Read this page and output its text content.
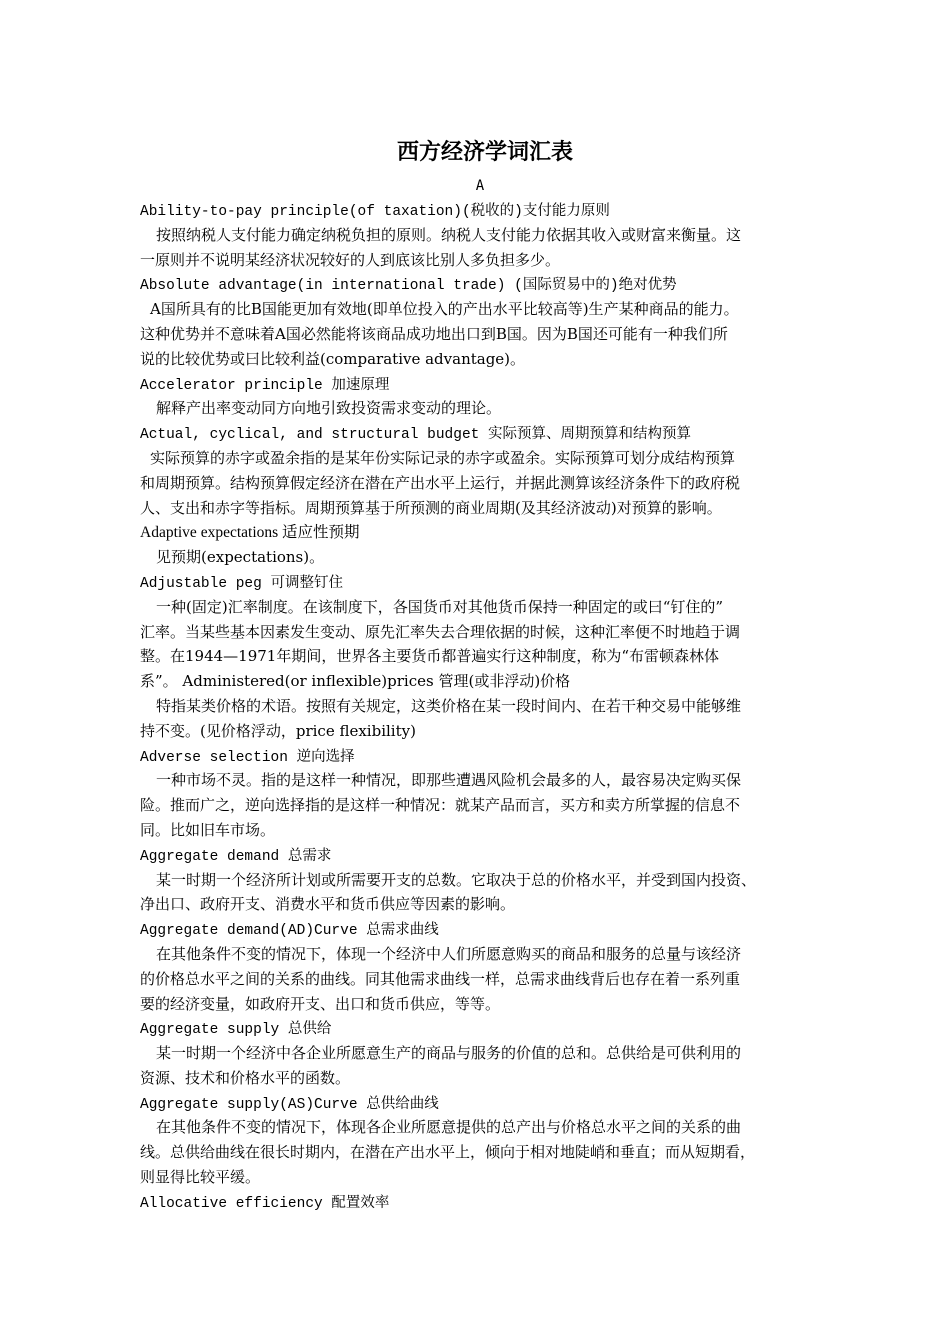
西方经济学词汇表
A
Ability-to-pay principle(of taxation)(税收的)支付能力原则
按照纳税人支付能力确定纳税负担的原则。纳税人支付能力依据其收入或财富来衡量。这
一原则并不说明某经济状况较好的人到底该比别人多负担多少。
Absolute advantage(in international trade) (国际贸易中的)绝对优势
A国所具有的比B国能更加有效地(即单位投入的产出水平比较高等)生产某种商品的能力。
这种优势并不意味着A国必然能将该商品成功地出口到B国。因为B国还可能有一种我们所
说的比较优势或曰比较利益(comparative advantage)。
Accelerator principle 加速原理
解释产出率变动同方向地引致投资需求变动的理论。
Actual, cyclical, and structural budget 实际预算、周期预算和结构预算
实际预算的赤字或盈余指的是某年份实际记录的赤字或盈余。实际预算可划分成结构预算
和周期预算。结构预算假定经济在潜在产出水平上运行，并据此测算该经济条件下的政府税
人、支出和赤字等指标。周期预算基于所预测的商业周期(及其经济波动)对预算的影响。
Adaptive expectations 适应性预期
见预期(expectations)。
Adjustable peg 可调整钉住
一种(固定)汇率制度。在该制度下，各国货币对其他货币保持一种固定的或曰“钉住的”
汇率。当某些基本因素发生变动、原先汇率失去合理依据的时候，这种汇率便不时地趋于调
整。在1944—1971年期间，世界各主要货币都普遍实行这种制度，称为“布雷顿森林体
系”。 Administered(or inflexible)prices 管理(或非浮动)价格
特指某类价格的术语。按照有关规定，这类价格在某一段时间内、在若干种交易中能够维
持不变。(见价格浮动，price flexibility)
Adverse selection 逆向选择
一种市场不灵。指的是这样一种情况，即那些遭遇风险机会最多的人，最容易决定购买保
险。推而广之，逆向选择指的是这样一种情况：就某产品而言，买方和卖方所掌握的信息不
同。比如旧车市场。
Aggregate demand 总需求
某一时期一个经济所计划或所需要开支的总数。它取决于总的价格水平，并受到国内投资、
净出口、政府开支、消费水平和货币供应等因素的影响。
Aggregate demand(AD)Curve 总需求曲线
在其他条件不变的情况下，体现一个经济中人们所愿意购买的商品和服务的总量与该经济
的价格总水平之间的关系的曲线。同其他需求曲线一样，总需求曲线背后也存在着一系列重
要的经济变量，如政府开支、出口和货币供应，等等。
Aggregate supply 总供给
某一时期一个经济中各企业所愿意生产的商品与服务的价值的总和。总供给是可供利用的
资源、技术和价格水平的函数。
Aggregate supply(AS)Curve 总供给曲线
在其他条件不变的情况下，体现各企业所愿意提供的总产出与价格总水平之间的关系的曲
线。总供给曲线在很长时期内，在潜在产出水平上，倾向于相对地陡峭和垂直；而从短期看，
则显得比较平缓。
Allocative efficiency 配置效率
